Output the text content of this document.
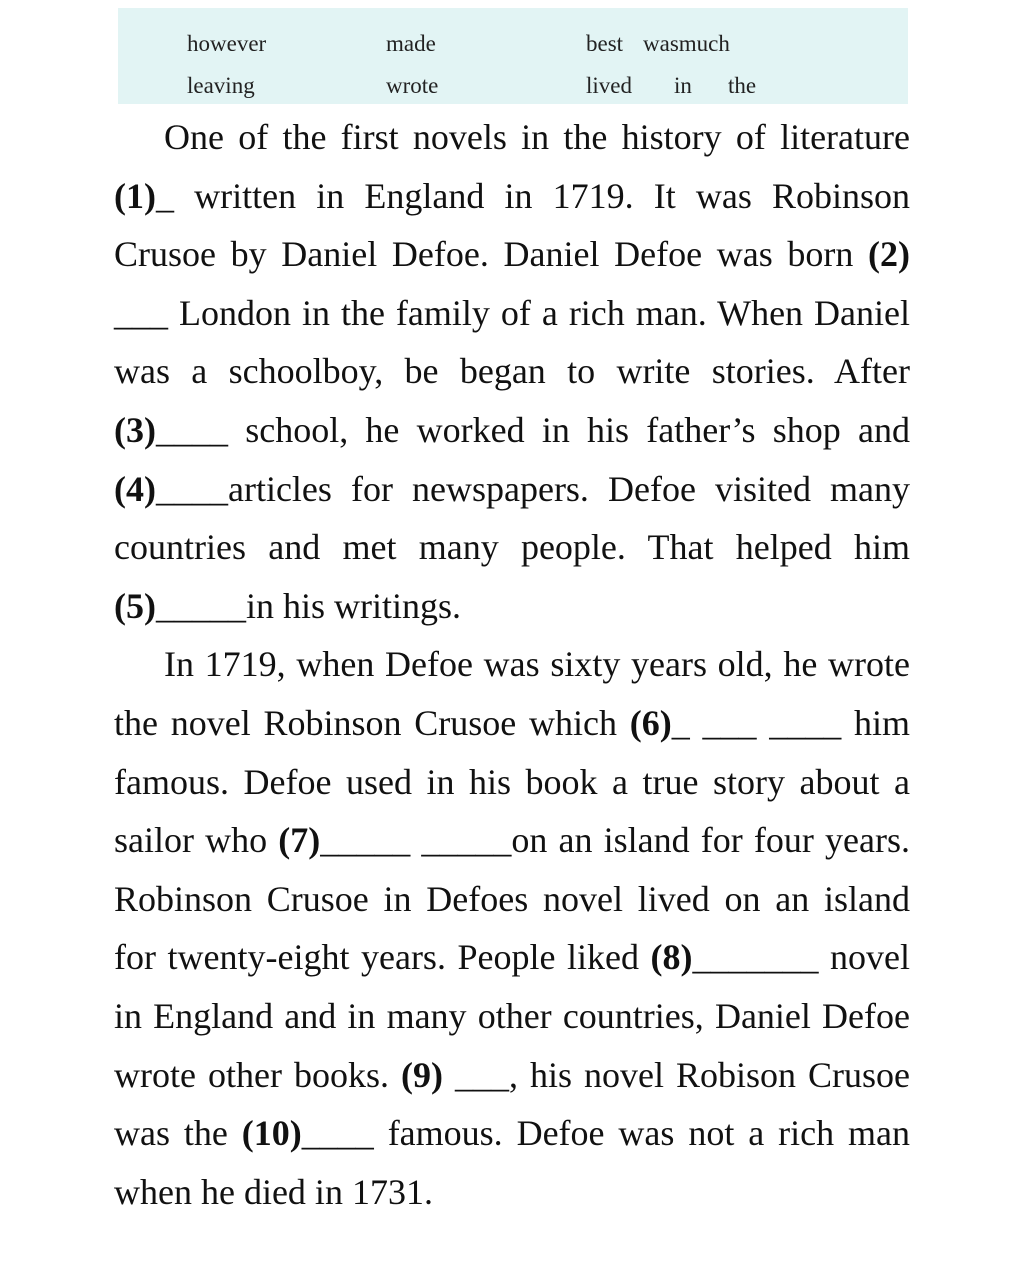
however	made	best wasmuch
leaving	wrote	lived in the

One of the first novels in the history of literature (1)_ written in England in 1719. It was Robinson Crusoe by Daniel Defoe. Daniel Defoe was born (2) ___ London in the family of a rich man. When Daniel was a schoolboy, be began to write stories. After (3)____ school, he worked in his father’s shop and (4)____articles for newspapers. Defoe visited many countries and met many people. That helped him (5)_____in his writings.

In 1719, when Defoe was sixty years old, he wrote the novel Robinson Crusoe which (6)_ ___ ____ him famous. Defoe used in his book a true story about a sailor who (7)_____ _____on an island for four years. Robinson Crusoe in Defoes novel lived on an island for twenty-eight years. People liked (8)_______ novel in England and in many other countries, Daniel Defoe wrote other books. (9) ___, his novel Robison Crusoe was the (10)____ famous. Defoe was not a rich man when he died in 1731.
